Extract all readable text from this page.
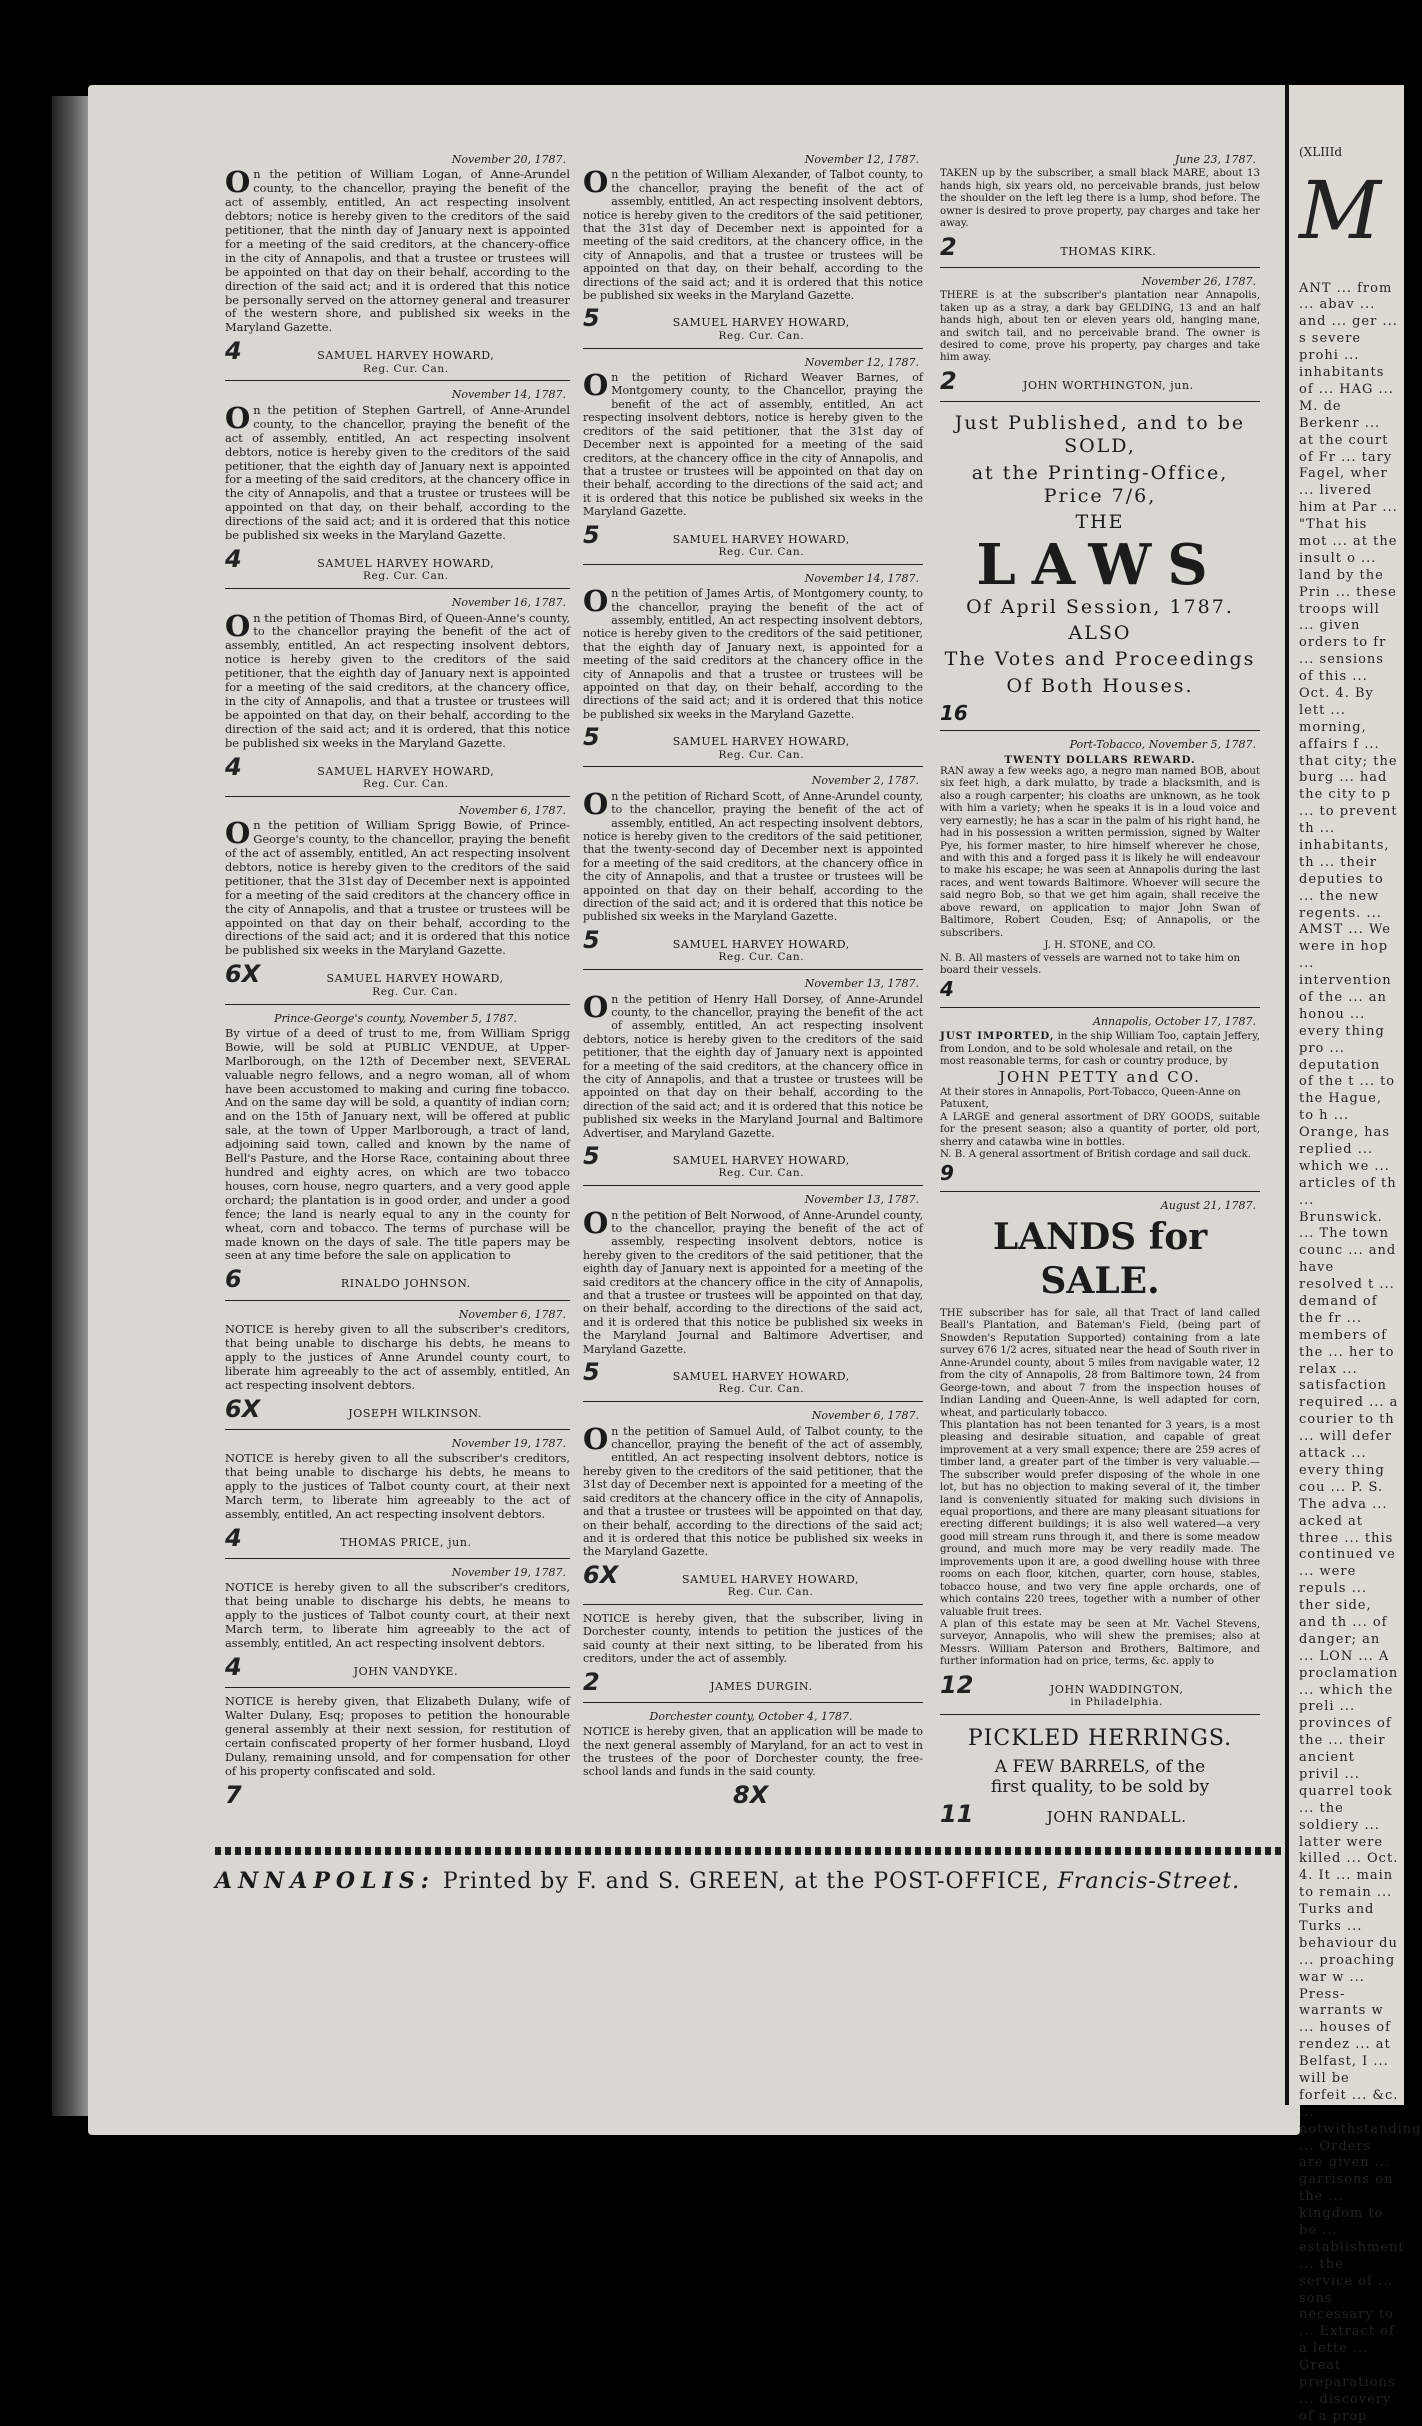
(XLIIId
M
ANT ... from ... abav ... and ... ger ... s severe prohi ... inhabitants of ... HAG ... M. de Berkenr ... at the court of Fr ... tary Fagel, wher ... livered him at Par ... "That his mot ... at the insult o ... land by the Prin ... these troops will ... given orders to fr ... sensions of this ... Oct. 4. By lett ... morning, affairs f ... that city; the burg ... had the city to p ... to prevent th ... inhabitants, th ... their deputies to ... the new regents. ... AMST ... We were in hop ... intervention of the ... an honou ... every thing pro ... deputation of the t ... to the Hague, to h ... Orange, has replied ... which we ... articles of th ... Brunswick. ... The town counc ... and have resolved t ... demand of the fr ... members of the ... her to relax ... satisfaction required ... a courier to th ... will defer attack ... every thing cou ... P. S. The adva ... acked at three ... this continued ve ... were repuls ... ther side, and th ... of danger; an ... LON ... A proclamation ... which the preli ... provinces of the ... their ancient privil ... quarrel took ... the soldiery ... latter were killed ... Oct. 4. It ... main to remain ... Turks and Turks ... behaviour du ... proaching war w ... Press-warrants w ... houses of rendez ... at Belfast, I ... will be forfeit ... &c. ... notwithstanding ... Orders are given ... garrisons on the ... kingdom to be ... establishment ... the service of ... sons necessary to ... Extract of a lette ... Great preparations ... discovery of a prop
November 20, 1787.

On the petition of William Logan, of Anne-Arundel county, to the chancellor, praying the benefit of the act of assembly, entitled, An act respecting insolvent debtors; notice is hereby given to the creditors of the said petitioner, that the ninth day of January next is appointed for a meeting of the said creditors, at the chancery-office in the city of Annapolis, and that a trustee or trustees will be appointed on that day on their behalf, according to the direction of the said act; and it is ordered that this notice be personally served on the attorney general and treasurer of the western shore, and published six weeks in the Maryland Gazette.

4	SAMUEL HARVEY HOWARD,
Reg. Cur. Can.
November 14, 1787.

On the petition of Stephen Gartrell, of Anne-Arundel county, to the chancellor, praying the benefit of the act of assembly, entitled, An act respecting insolvent debtors, notice is hereby given to the creditors of the said petitioner, that the eighth day of January next is appointed for a meeting of the said creditors, at the chancery office in the city of Annapolis, and that a trustee or trustees will be appointed on that day, on their behalf, according to the directions of the said act; and it is ordered that this notice be published six weeks in the Maryland Gazette.

4	SAMUEL HARVEY HOWARD,
Reg. Cur. Can.
November 16, 1787.

On the petition of Thomas Bird, of Queen-Anne's county, to the chancellor praying the benefit of the act of assembly, entitled, An act respecting insolvent debtors, notice is hereby given to the creditors of the said petitioner, that the eighth day of January next is appointed for a meeting of the said creditors, at the chancery office, in the city of Annapolis, and that a trustee or trustees will be appointed on that day, on their behalf, according to the direction of the said act; and it is ordered, that this notice be published six weeks in the Maryland Gazette.

4	SAMUEL HARVEY HOWARD,
Reg. Cur. Can.
November 6, 1787.

On the petition of William Sprigg Bowie, of Prince-George's county, to the chancellor, praying the benefit of the act of assembly, entitled, An act respecting insolvent debtors, notice is hereby given to the creditors of the said petitioner, that the 31st day of December next is appointed for a meeting of the said creditors at the chancery office in the city of Annapolis, and that a trustee or trustees will be appointed on that day on their behalf, according to the directions of the said act; and it is ordered that this notice be published six weeks in the Maryland Gazette.

6X	SAMUEL HARVEY HOWARD,
Reg. Cur. Can.
Prince-George's county, November 5, 1787.

By virtue of a deed of trust to me, from William Sprigg Bowie, will be sold at PUBLIC VENDUE, at Upper-Marlborough, on the 12th of December next, SEVERAL valuable negro fellows, and a negro woman, all of whom have been accustomed to making and curing fine tobacco. And on the same day will be sold, a quantity of indian corn; and on the 15th of January next, will be offered at public sale, at the town of Upper Marlborough, a tract of land, adjoining said town, called and known by the name of Bell's Pasture, and the Horse Race, containing about three hundred and eighty acres, on which are two tobacco houses, corn house, negro quarters, and a very good apple orchard; the plantation is in good order, and under a good fence; the land is nearly equal to any in the county for wheat, corn and tobacco. The terms of purchase will be made known on the days of sale. The title papers may be seen at any time before the sale on application to

6	RINALDO JOHNSON.
November 6, 1787.

NOTICE is hereby given to all the subscriber's creditors, that being unable to discharge his debts, he means to apply to the justices of Anne Arundel county court, to liberate him agreeably to the act of assembly, entitled, An act respecting insolvent debtors.

6X	JOSEPH WILKINSON.
November 19, 1787.

NOTICE is hereby given to all the subscriber's creditors, that being unable to discharge his debts, he means to apply to the justices of Talbot county court, at their next March term, to liberate him agreeably to the act of assembly, entitled, An act respecting insolvent debtors.

4	THOMAS PRICE, jun.
November 19, 1787.

NOTICE is hereby given to all the subscriber's creditors, that being unable to discharge his debts, he means to apply to the justices of Talbot county court, at their next March term, to liberate him agreeably to the act of assembly, entitled, An act respecting insolvent debtors.

4	JOHN VANDYKE.

NOTICE is hereby given, that Elizabeth Dulany, wife of Walter Dulany, Esq; proposes to petition the honourable general assembly at their next session, for restitution of certain confiscated property of her former husband, Lloyd Dulany, remaining unsold, and for compensation for other of his property confiscated and sold.

7
November 12, 1787.

On the petition of William Alexander, of Talbot county, to the chancellor, praying the benefit of the act of assembly, entitled, An act respecting insolvent debtors, notice is hereby given to the creditors of the said petitioner, that the 31st day of December next is appointed for a meeting of the said creditors, at the chancery office, in the city of Annapolis, and that a trustee or trustees will be appointed on that day, on their behalf, according to the directions of the said act; and it is ordered that this notice be published six weeks in the Maryland Gazette.

5	SAMUEL HARVEY HOWARD,
Reg. Cur. Can.
November 12, 1787.

On the petition of Richard Weaver Barnes, of Montgomery county, to the Chancellor, praying the benefit of the act of assembly, entitled, An act respecting insolvent debtors, notice is hereby given to the creditors of the said petitioner, that the 31st day of December next is appointed for a meeting of the said creditors, at the chancery office in the city of Annapolis, and that a trustee or trustees will be appointed on that day on their behalf, according to the directions of the said act; and it is ordered that this notice be published six weeks in the Maryland Gazette.

5	SAMUEL HARVEY HOWARD,
Reg. Cur. Can.
November 14, 1787.

On the petition of James Artis, of Montgomery county, to the chancellor, praying the benefit of the act of assembly, entitled, An act respecting insolvent debtors, notice is hereby given to the creditors of the said petitioner, that the eighth day of January next, is appointed for a meeting of the said creditors at the chancery office in the city of Annapolis and that a trustee or trustees will be appointed on that day, on their behalf, according to the directions of the said act; and it is ordered that this notice be published six weeks in the Maryland Gazette.

5	SAMUEL HARVEY HOWARD,
Reg. Cur. Can.
November 2, 1787.

On the petition of Richard Scott, of Anne-Arundel county, to the chancellor, praying the benefit of the act of assembly, entitled, An act respecting insolvent debtors, notice is hereby given to the creditors of the said petitioner, that the twenty-second day of December next is appointed for a meeting of the said creditors, at the chancery office in the city of Annapolis, and that a trustee or trustees will be appointed on that day on their behalf, according to the direction of the said act; and it is ordered that this notice be published six weeks in the Maryland Gazette.

5	SAMUEL HARVEY HOWARD,
Reg. Cur. Can.
November 13, 1787.

On the petition of Henry Hall Dorsey, of Anne-Arundel county, to the chancellor, praying the benefit of the act of assembly, entitled, An act respecting insolvent debtors, notice is hereby given to the creditors of the said petitioner, that the eighth day of January next is appointed for a meeting of the said creditors, at the chancery office in the city of Annapolis, and that a trustee or trustees will be appointed on that day on their behalf, according to the direction of the said act; and it is ordered that this notice be published six weeks in the Maryland Journal and Baltimore Advertiser, and Maryland Gazette.

5	SAMUEL HARVEY HOWARD,
Reg. Cur. Can.
November 13, 1787.

On the petition of Belt Norwood, of Anne-Arundel county, to the chancellor, praying the benefit of the act of assembly, respecting insolvent debtors, notice is hereby given to the creditors of the said petitioner, that the eighth day of January next is appointed for a meeting of the said creditors at the chancery office in the city of Annapolis, and that a trustee or trustees will be appointed on that day, on their behalf, according to the directions of the said act, and it is ordered that this notice be published six weeks in the Maryland Journal and Baltimore Advertiser, and Maryland Gazette.

5	SAMUEL HARVEY HOWARD,
Reg. Cur. Can.
November 6, 1787.

On the petition of Samuel Auld, of Talbot county, to the chancellor, praying the benefit of the act of assembly, entitled, An act respecting insolvent debtors, notice is hereby given to the creditors of the said petitioner, that the 31st day of December next is appointed for a meeting of the said creditors at the chancery office in the city of Annapolis, and that a trustee or trustees will be appointed on that day, on their behalf, according to the directions of the said act; and it is ordered that this notice be published six weeks in the Maryland Gazette.

6X	SAMUEL HARVEY HOWARD,
Reg. Cur. Can.

NOTICE is hereby given, that the subscriber, living in Dorchester county, intends to petition the justices of the said county at their next sitting, to be liberated from his creditors, under the act of assembly.

2	JAMES DURGIN.
Dorchester county, October 4, 1787.

NOTICE is hereby given, that an application will be made to the next general assembly of Maryland, for an act to vest in the trustees of the poor of Dorchester county, the free-school lands and funds in the said county.

8X
June 23, 1787.

TAKEN up by the subscriber, a small black MARE, about 13 hands high, six years old, no perceivable brands, just below the shoulder on the left leg there is a lump, shod before. The owner is desired to prove property, pay charges and take her away.

2	THOMAS KIRK.
November 26, 1787.

THERE is at the subscriber's plantation near Annapolis, taken up as a stray, a dark bay GELDING, 13 and an half hands high, about ten or eleven years old, hanging mane, and switch tail, and no perceivable brand. The owner is desired to come, prove his property, pay charges and take him away.

2	JOHN WORTHINGTON, jun.
Just Published, and to be SOLD,
at the Printing-Office, Price 7/6,
THE
LAWS
Of April Session, 1787.
ALSO
The Votes and Proceedings
Of Both Houses.
16
Port-Tobacco, November 5, 1787.
TWENTY DOLLARS REWARD.

RAN away a few weeks ago, a negro man named BOB, about six feet high, a dark mulatto, by trade a blacksmith, and is also a rough carpenter; his cloaths are unknown, as he took with him a variety; when he speaks it is in a loud voice and very earnestly; he has a scar in the palm of his right hand, he had in his possession a written permission, signed by Walter Pye, his former master, to hire himself wherever he chose, and with this and a forged pass it is likely he will endeavour to make his escape; he was seen at Annapolis during the last races, and went towards Baltimore. Whoever will secure the said negro Bob, so that we get him again, shall receive the above reward, on application to major John Swan of Baltimore, Robert Couden, Esq; of Annapolis, or the subscribers.

J. H. STONE, and CO.

N. B. All masters of vessels are warned not to take him on board their vessels.

4
Annapolis, October 17, 1787.
JUST IMPORTED, in the ship William Too, captain Jeffery, from London, and to be sold wholesale and retail, on the most reasonable terms, for cash or country produce, by
JOHN PETTY and CO.

At their stores in Annapolis, Port-Tobacco, Queen-Anne on Patuxent,

A LARGE and general assortment of DRY GOODS, suitable for the present season; also a quantity of porter, old port, sherry and catawba wine in bottles.

N. B. A general assortment of British cordage and sail duck.

9
August 21, 1787.
LANDS for SALE.

THE subscriber has for sale, all that Tract of land called Beall's Plantation, and Bateman's Field, (being part of Snowden's Reputation Supported) containing from a late survey 676 1/2 acres, situated near the head of South river in Anne-Arundel county, about 5 miles from navigable water, 12 from the city of Annapolis, 28 from Baltimore town, 24 from George-town, and about 7 from the inspection houses of Indian Landing and Queen-Anne, is well adapted for corn, wheat, and particularly tobacco.

This plantation has not been tenanted for 3 years, is a most pleasing and desirable situation, and capable of great improvement at a very small expence; there are 259 acres of timber land, a greater part of the timber is very valuable.—The subscriber would prefer disposing of the whole in one lot, but has no objection to making several of it, the timber land is conveniently situated for making such divisions in equal proportions, and there are many pleasant situations for erecting different buildings; it is also well watered—a very good mill stream runs through it, and there is some meadow ground, and much more may be very readily made. The improvements upon it are, a good dwelling house with three rooms on each floor, kitchen, quarter, corn house, stables, tobacco house, and two very fine apple orchards, one of which contains 220 trees, together with a number of other valuable fruit trees.

A plan of this estate may be seen at Mr. Vachel Stevens, surveyor, Annapolis, who will shew the premises; also at Messrs. William Paterson and Brothers, Baltimore, and further information had on price, terms, &c. apply to

12	JOHN WADDINGTON,
in Philadelphia.
PICKLED HERRINGS.
A FEW BARRELS, of the
first quality, to be sold by
11	JOHN RANDALL.
ANNAPOLIS: Printed by F. and S. GREEN, at the POST-OFFICE, Francis-Street.
